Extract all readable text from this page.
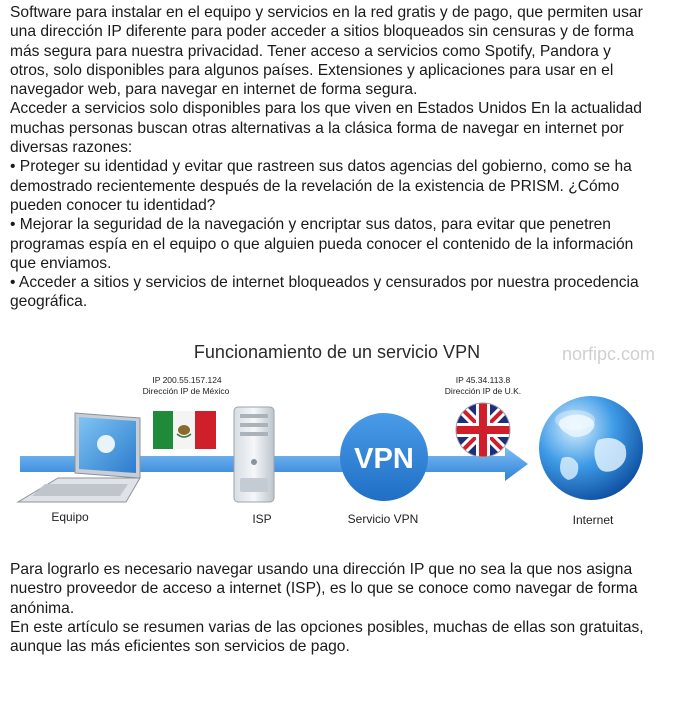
Software para instalar en el equipo y servicios en la red gratis y de pago, que permiten usar
una dirección IP diferente para poder acceder a sitios bloqueados sin censuras y de forma
más segura para nuestra privacidad. Tener acceso a servicios como Spotify, Pandora y
otros, solo disponibles para algunos países. Extensiones y aplicaciones para usar en el
navegador web, para navegar en internet de forma segura.
Acceder a servicios solo disponibles para los que viven en Estados Unidos En la actualidad
muchas personas buscan otras alternativas a la clásica forma de navegar en internet por
diversas razones:
• Proteger su identidad y evitar que rastreen sus datos agencias del gobierno, como se ha
demostrado recientemente después de la revelación de la existencia de PRISM. ¿Cómo
pueden conocer tu identidad?
• Mejorar la seguridad de la navegación y encriptar sus datos, para evitar que penetren
programas espía en el equipo o que alguien pueda conocer el contenido de la información
que enviamos.
• Acceder a sitios y servicios de internet bloqueados y censurados por nuestra procedencia
geográfica.
Funcionamiento de un servicio VPN	norfipc.com
Equipo
IP 200.55.157.124
Dirección IP de México
ISP
VPN
Servicio VPN
IP 45.34.113.8
Dirección IP de U.K.
Internet
Para lograrlo es necesario navegar usando una dirección IP que no sea la que nos asigna
nuestro proveedor de acceso a internet (ISP), es lo que se conoce como navegar de forma
anónima.
En este artículo se resumen varias de las opciones posibles, muchas de ellas son gratuitas,
aunque las más eficientes son servicios de pago.
